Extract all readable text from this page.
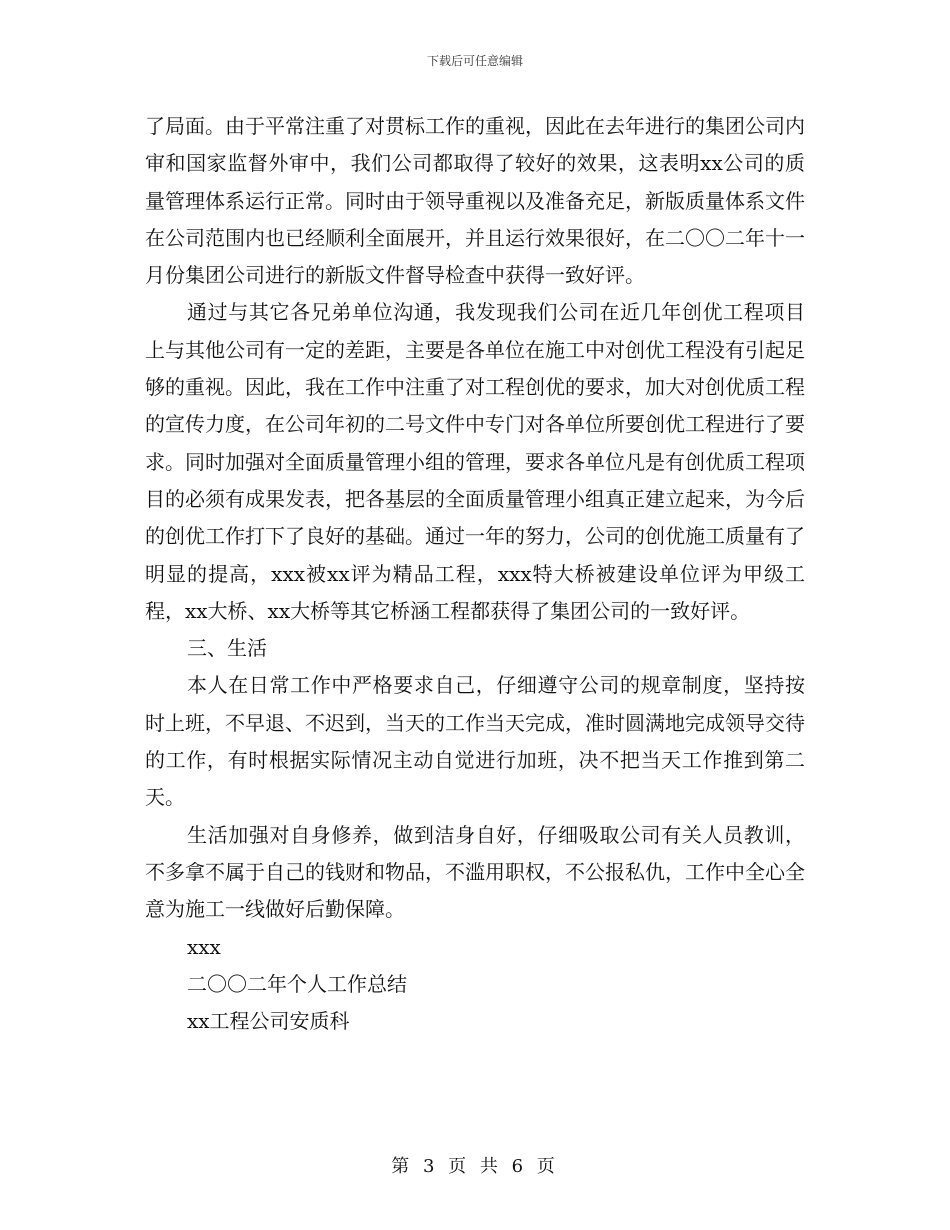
下载后可任意编辑

了局面。由于平常注重了对贯标工作的重视，因此在去年进行的集团公司内审和国家监督外审中，我们公司都取得了较好的效果，这表明xx公司的质量管理体系运行正常。同时由于领导重视以及准备充足，新版质量体系文件在公司范围内也已经顺利全面展开，并且运行效果很好，在二〇〇二年十一月份集团公司进行的新版文件督导检查中获得一致好评。

通过与其它各兄弟单位沟通，我发现我们公司在近几年创优工程项目上与其他公司有一定的差距，主要是各单位在施工中对创优工程没有引起足够的重视。因此，我在工作中注重了对工程创优的要求，加大对创优质工程的宣传力度，在公司年初的二号文件中专门对各单位所要创优工程进行了要求。同时加强对全面质量管理小组的管理，要求各单位凡是有创优质工程项目的必须有成果发表，把各基层的全面质量管理小组真正建立起来，为今后的创优工作打下了良好的基础。通过一年的努力，公司的创优施工质量有了明显的提高，xxx被xx评为精品工程，xxx特大桥被建设单位评为甲级工程，xx大桥、xx大桥等其它桥涵工程都获得了集团公司的一致好评。

三、生活

本人在日常工作中严格要求自己，仔细遵守公司的规章制度，坚持按时上班，不早退、不迟到，当天的工作当天完成，准时圆满地完成领导交待的工作，有时根据实际情况主动自觉进行加班，决不把当天工作推到第二天。

生活加强对自身修养，做到洁身自好，仔细吸取公司有关人员教训，不多拿不属于自己的钱财和物品，不滥用职权，不公报私仇，工作中全心全意为施工一线做好后勤保障。

xxx

二〇〇二年个人工作总结

xx工程公司安质科

第 3 页 共 6 页
